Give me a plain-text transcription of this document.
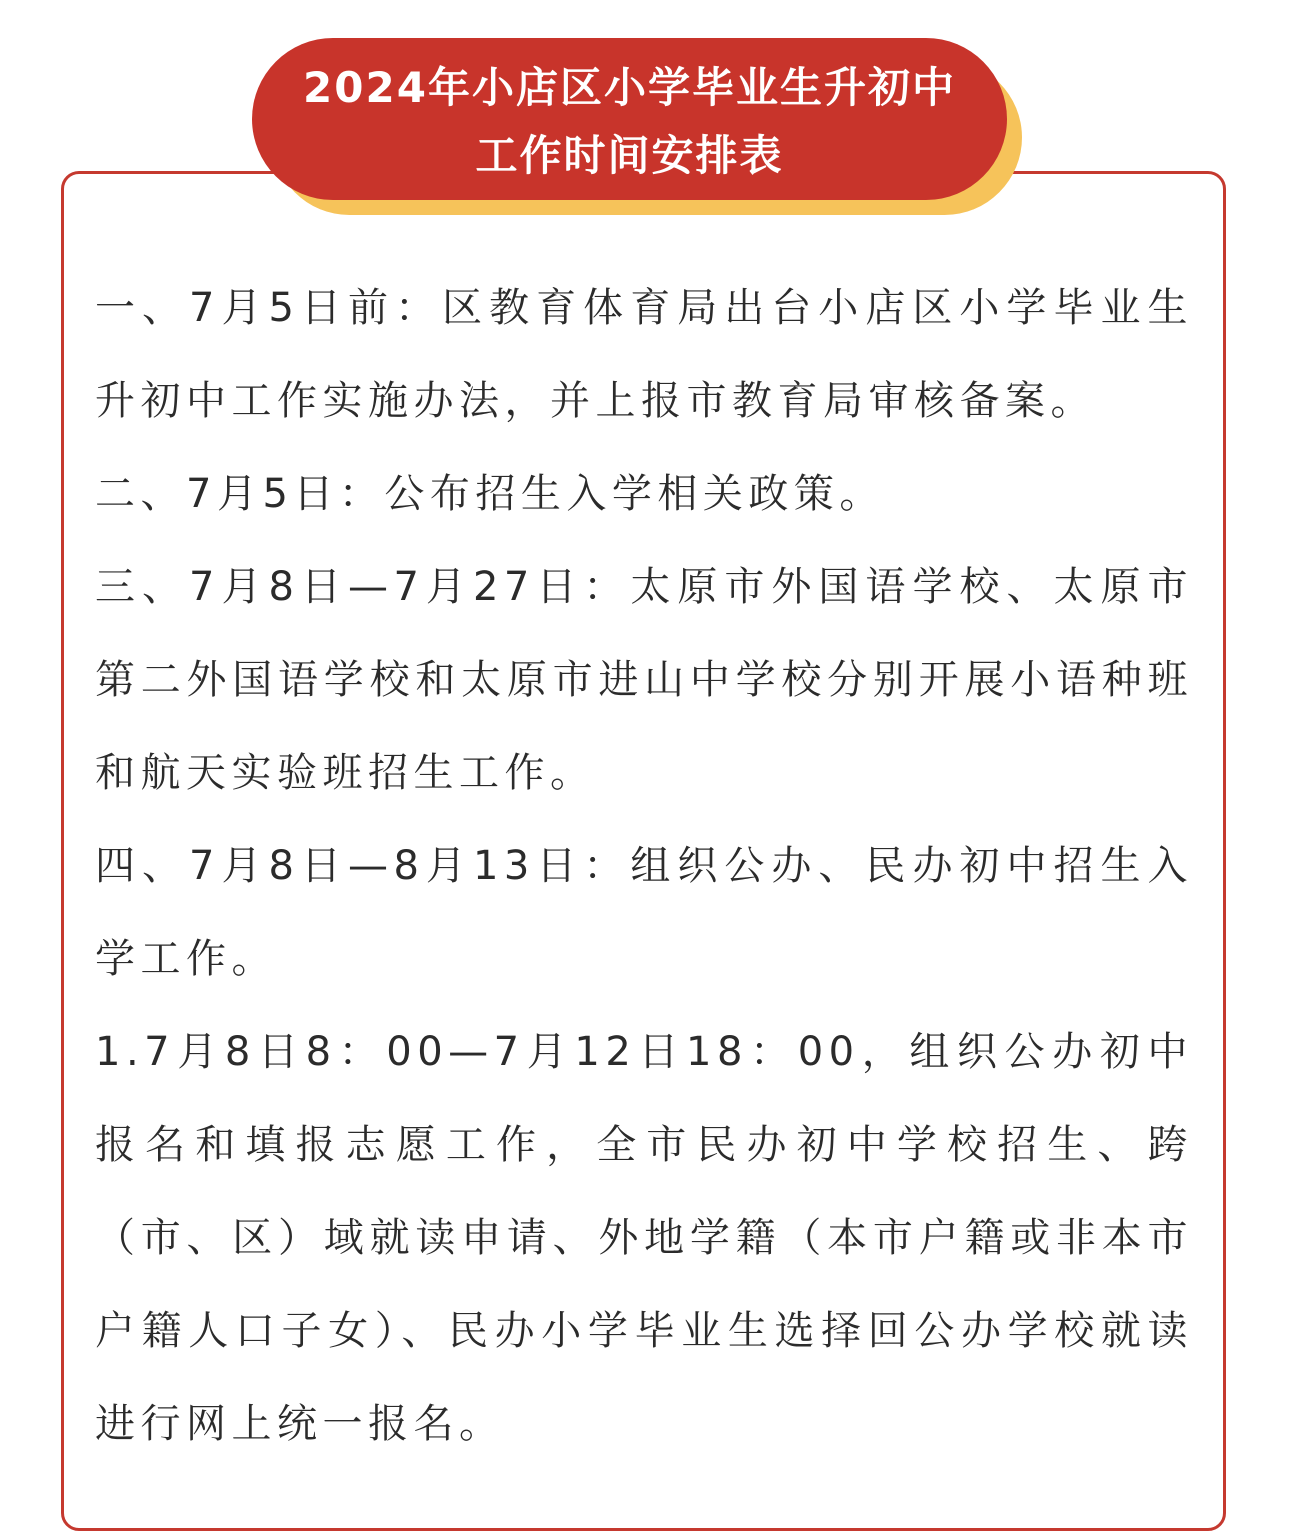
2024年小店区小学毕业生升初中
工作时间安排表

一、7月5日前：区教育体育局出台小店区小学毕业生升初中工作实施办法，并上报市教育局审核备案。

二、7月5日：公布招生入学相关政策。

三、7月8日—7月27日：太原市外国语学校、太原市第二外国语学校和太原市进山中学校分别开展小语种班和航天实验班招生工作。

四、7月8日—8月13日：组织公办、民办初中招生入学工作。

1.7月8日8：00—7月12日18：00，组织公办初中报名和填报志愿工作，全市民办初中学校招生、跨（市、区）域就读申请、外地学籍（本市户籍或非本市户籍人口子女）、民办小学毕业生选择回公办学校就读进行网上统一报名。
